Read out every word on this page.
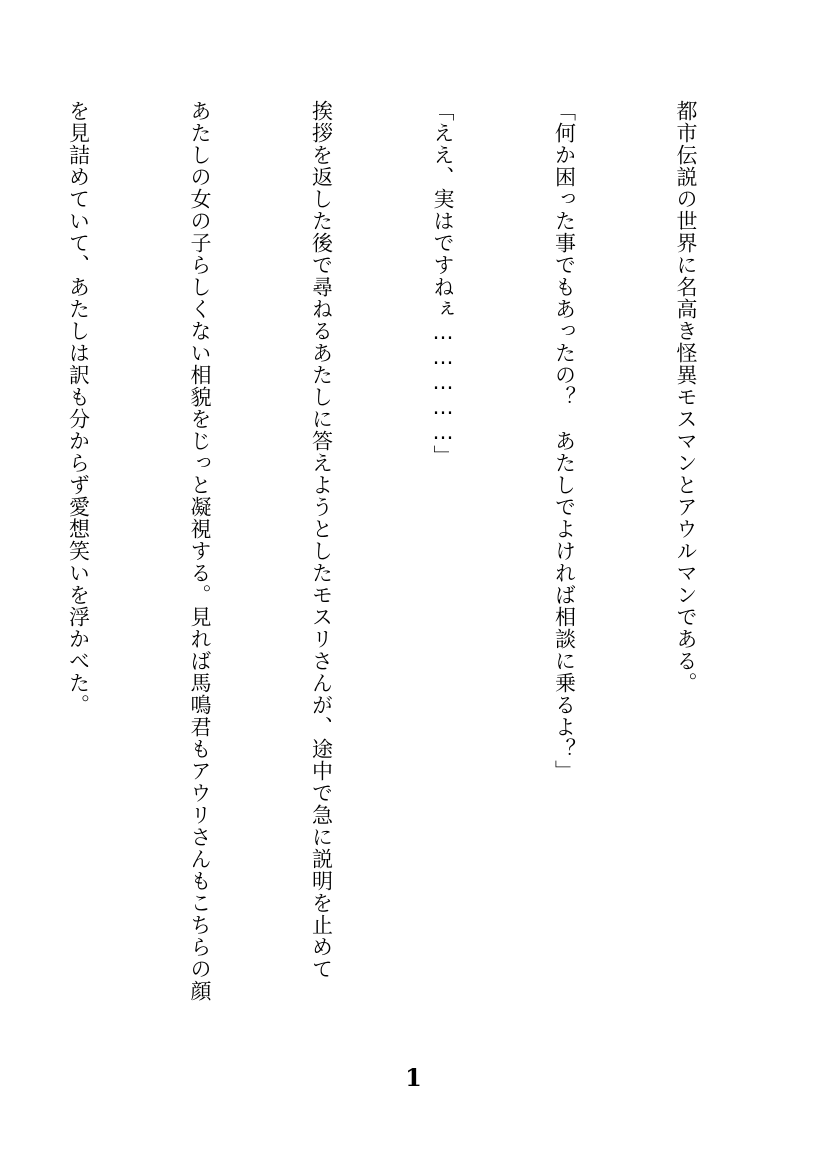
都市伝説の世界に名高き怪異モスマンとアウルマンである。

「何か困った事でもあったの？　あたしでよければ相談に乗るよ？」

「ええ、実はですねぇ……………」

挨拶を返した後で尋ねるあたしに答えようとしたモスリさんが、途中で急に説明を止めて

あたしの女の子らしくない相貌をじっと凝視する。見れば馬鳴君もアウリさんもこちらの顔

を見詰めていて、あたしは訳も分からず愛想笑いを浮かべた。

1
